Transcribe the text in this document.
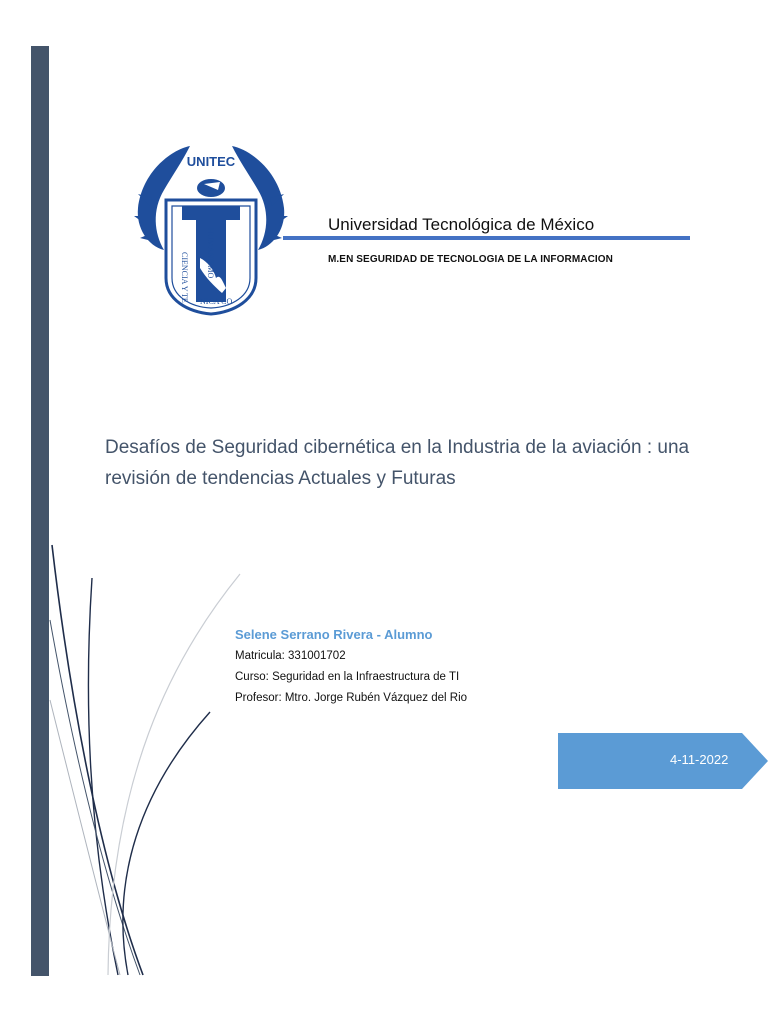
UNITEC
CIENCIA Y TE HUMANISMO
NICA CO
Universidad Tecnológica de México
M.EN SEGURIDAD DE TECNOLOGIA DE LA INFORMACION
Desafíos de Seguridad cibernética en la Industria de la aviación : una revisión de tendencias Actuales y Futuras
Selene Serrano Rivera - Alumno
Matricula: 331001702
Curso: Seguridad en la Infraestructura de TI
Profesor: Mtro. Jorge Rubén Vázquez del Rio
4-11-2022
